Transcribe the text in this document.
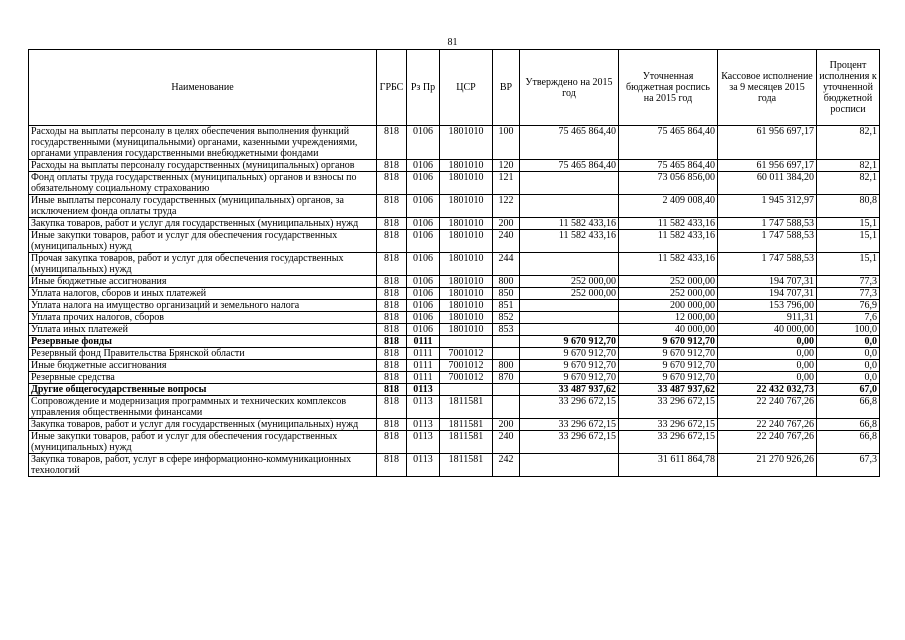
81
Наименование	ГРБС	Рз Пр	ЦСР	ВР	Утверждено на 2015 год	Уточненная бюджетная роспись на 2015 год	Кассовое исполнение за 9 месяцев 2015 года	Процент исполнения к уточненной бюджетной росписи
Расходы на выплаты персоналу в целях обеспечения выполнения функций государственными (муниципальными) органами, казенными учреждениями, органами управления государственными внебюджетными фондами	818	0106	1801010	100	75 465 864,40	75 465 864,40	61 956 697,17	82,1
Расходы на выплаты персоналу государственных (муниципальных) органов	818	0106	1801010	120	75 465 864,40	75 465 864,40	61 956 697,17	82,1
Фонд оплаты труда государственных (муниципальных) органов и взносы по обязательному социальному страхованию	818	0106	1801010	121		73 056 856,00	60 011 384,20	82,1
Иные выплаты персоналу государственных (муниципальных) органов, за исключением фонда оплаты труда	818	0106	1801010	122		2 409 008,40	1 945 312,97	80,8
Закупка товаров, работ и услуг для государственных (муниципальных) нужд	818	0106	1801010	200	11 582 433,16	11 582 433,16	1 747 588,53	15,1
Иные закупки товаров, работ и услуг для обеспечения государственных (муниципальных) нужд	818	0106	1801010	240	11 582 433,16	11 582 433,16	1 747 588,53	15,1
Прочая закупка товаров, работ и услуг для обеспечения государственных (муниципальных) нужд	818	0106	1801010	244		11 582 433,16	1 747 588,53	15,1
Иные бюджетные ассигнования	818	0106	1801010	800	252 000,00	252 000,00	194 707,31	77,3
Уплата налогов, сборов и иных платежей	818	0106	1801010	850	252 000,00	252 000,00	194 707,31	77,3
Уплата налога на имущество организаций и земельного налога	818	0106	1801010	851		200 000,00	153 796,00	76,9
Уплата прочих налогов, сборов	818	0106	1801010	852		12 000,00	911,31	7,6
Уплата иных платежей	818	0106	1801010	853		40 000,00	40 000,00	100,0
Резервные фонды	818	0111			9 670 912,70	9 670 912,70	0,00	0,0
Резервный фонд Правительства Брянской области	818	0111	7001012		9 670 912,70	9 670 912,70	0,00	0,0
Иные бюджетные ассигнования	818	0111	7001012	800	9 670 912,70	9 670 912,70	0,00	0,0
Резервные средства	818	0111	7001012	870	9 670 912,70	9 670 912,70	0,00	0,0
Другие общегосударственные вопросы	818	0113			33 487 937,62	33 487 937,62	22 432 032,73	67,0
Сопровождение и модернизация программных и технических комплексов управления общественными финансами	818	0113	1811581		33 296 672,15	33 296 672,15	22 240 767,26	66,8
Закупка товаров, работ и услуг для государственных (муниципальных) нужд	818	0113	1811581	200	33 296 672,15	33 296 672,15	22 240 767,26	66,8
Иные закупки товаров, работ и услуг для обеспечения государственных (муниципальных) нужд	818	0113	1811581	240	33 296 672,15	33 296 672,15	22 240 767,26	66,8
Закупка товаров, работ, услуг в сфере информационно-коммуникационных технологий	818	0113	1811581	242		31 611 864,78	21 270 926,26	67,3
